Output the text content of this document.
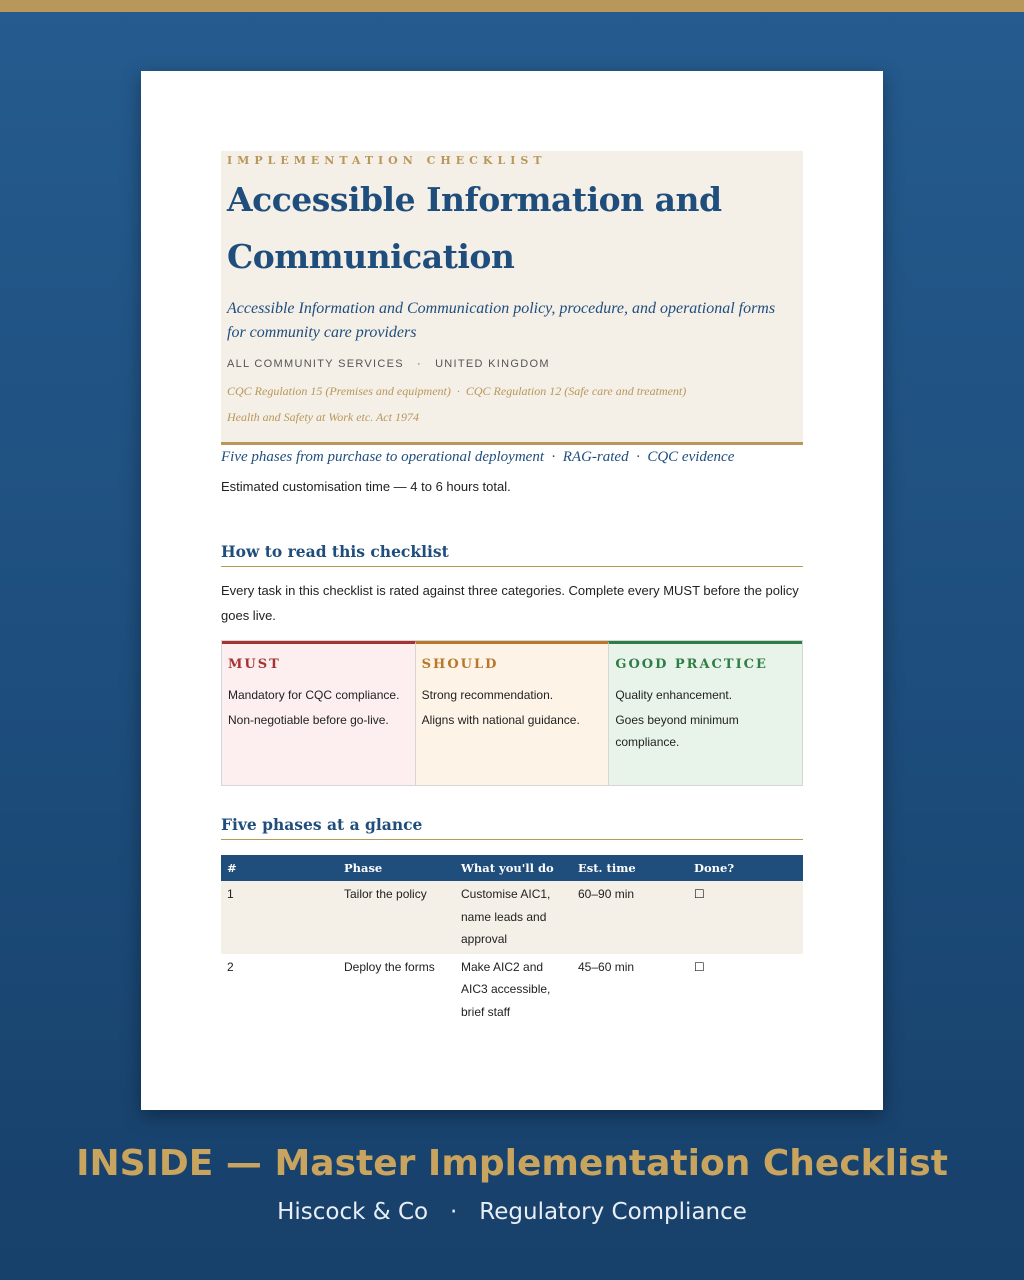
IMPLEMENTATION CHECKLIST
Accessible Information and
Communication
Accessible Information and Communication policy, procedure, and operational forms for community care providers
ALL COMMUNITY SERVICES · UNITED KINGDOM
CQC Regulation 15 (Premises and equipment) · CQC Regulation 12 (Safe care and treatment)
Health and Safety at Work etc. Act 1974
Five phases from purchase to operational deployment · RAG-rated · CQC evidence
Estimated customisation time — 4 to 6 hours total.
How to read this checklist
Every task in this checklist is rated against three categories. Complete every MUST before the policy goes live.
MUST
Mandatory for CQC compliance.
Non-negotiable before go-live.
SHOULD
Strong recommendation.
Aligns with national guidance.
GOOD PRACTICE
Quality enhancement.
Goes beyond minimum compliance.
Five phases at a glance
#	Phase	What you'll do	Est. time	Done?
1	Tailor the policy	Customise AIC1, name leads and approval	60–90 min	☐
2	Deploy the forms	Make AIC2 and AIC3 accessible, brief staff	45–60 min	☐
INSIDE — Master Implementation Checklist
Hiscock & Co · Regulatory Compliance
